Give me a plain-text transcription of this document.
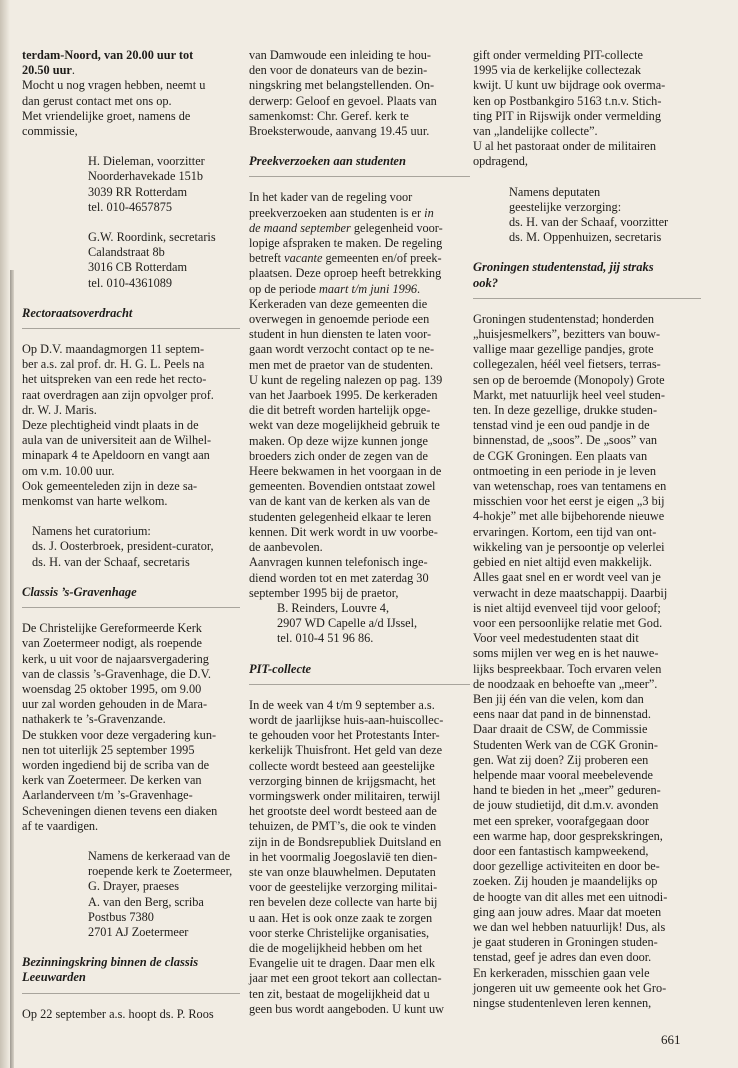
terdam-Noord, van 20.00 uur tot

20.50 uur.

Mocht u nog vragen hebben, neemt u

dan gerust contact met ons op.

Met vriendelijke groet, namens de

commissie,

H. Dieleman, voorzitter

Noorderhavekade 151b

3039 RR Rotterdam

tel. 010-4657875

G.W. Roordink, secretaris

Calandstraat 8b

3016 CB Rotterdam

tel. 010-4361089

Rectoraatsoverdracht

Op D.V. maandagmorgen 11 septem-

ber a.s. zal prof. dr. H. G. L. Peels na

het uitspreken van een rede het recto-

raat overdragen aan zijn opvolger prof.

dr. W. J. Maris.

Deze plechtigheid vindt plaats in de

aula van de universiteit aan de Wilhel-

minapark 4 te Apeldoorn en vangt aan

om v.m. 10.00 uur.

Ook gemeenteleden zijn in deze sa-

menkomst van harte welkom.

Namens het curatorium:

ds. J. Oosterbroek, president-curator,

ds. H. van der Schaaf, secretaris

Classis ’s-Gravenhage

De Christelijke Gereformeerde Kerk

van Zoetermeer nodigt, als roepende

kerk, u uit voor de najaarsvergadering

van de classis ’s-Gravenhage, die D.V.

woensdag 25 oktober 1995, om 9.00

uur zal worden gehouden in de Mara-

nathakerk te ’s-Gravenzande.

De stukken voor deze vergadering kun-

nen tot uiterlijk 25 september 1995

worden ingediend bij de scriba van de

kerk van Zoetermeer. De kerken van

Aarlanderveen t/m ’s-Gravenhage-

Scheveningen dienen tevens een diaken

af te vaardigen.

Namens de kerkeraad van de

roepende kerk te Zoetermeer,

G. Drayer, praeses

A. van den Berg, scriba

Postbus 7380

2701 AJ Zoetermeer

Bezinningskring binnen de classis
Leeuwarden

Op 22 september a.s. hoopt ds. P. Roos

van Damwoude een inleiding te hou-

den voor de donateurs van de bezin-

ningskring met belangstellenden. On-

derwerp: Geloof en gevoel. Plaats van

samenkomst: Chr. Geref. kerk te

Broeksterwoude, aanvang 19.45 uur.

Preekverzoeken aan studenten

In het kader van de regeling voor

preekverzoeken aan studenten is er in

de maand september gelegenheid voor-

lopige afspraken te maken. De regeling

betreft vacante gemeenten en/of preek-

plaatsen. Deze oproep heeft betrekking

op de periode maart t/m juni 1996.

Kerkeraden van deze gemeenten die

overwegen in genoemde periode een

student in hun diensten te laten voor-

gaan wordt verzocht contact op te ne-

men met de praetor van de studenten.

U kunt de regeling nalezen op pag. 139

van het Jaarboek 1995. De kerkeraden

die dit betreft worden hartelijk opge-

wekt van deze mogelijkheid gebruik te

maken. Op deze wijze kunnen jonge

broeders zich onder de zegen van de

Heere bekwamen in het voorgaan in de

gemeenten. Bovendien ontstaat zowel

van de kant van de kerken als van de

studenten gelegenheid elkaar te leren

kennen. Dit werk wordt in uw voorbe-

de aanbevolen.

Aanvragen kunnen telefonisch inge-

diend worden tot en met zaterdag 30

september 1995 bij de praetor,

B. Reinders, Louvre 4,

2907 WD Capelle a/d IJssel,

tel. 010-4 51 96 86.

PIT-collecte

In de week van 4 t/m 9 september a.s.

wordt de jaarlijkse huis-aan-huiscollec-

te gehouden voor het Protestants Inter-

kerkelijk Thuisfront. Het geld van deze

collecte wordt besteed aan geestelijke

verzorging binnen de krijgsmacht, het

vormingswerk onder militairen, terwijl

het grootste deel wordt besteed aan de

tehuizen, de PMT’s, die ook te vinden

zijn in de Bondsrepubliek Duitsland en

in het voormalig Joegoslavië ten dien-

ste van onze blauwhelmen. Deputaten

voor de geestelijke verzorging militai-

ren bevelen deze collecte van harte bij

u aan. Het is ook onze zaak te zorgen

voor sterke Christelijke organisaties,

die de mogelijkheid hebben om het

Evangelie uit te dragen. Daar men elk

jaar met een groot tekort aan collectan-

ten zit, bestaat de mogelijkheid dat u

geen bus wordt aangeboden. U kunt uw

gift onder vermelding PIT-collecte

1995 via de kerkelijke collectezak

kwijt. U kunt uw bijdrage ook overma-

ken op Postbankgiro 5163 t.n.v. Stich-

ting PIT in Rijswijk onder vermelding

van „landelijke collecte”.

U al het pastoraat onder de militairen

opdragend,

Namens deputaten

geestelijke verzorging:

ds. H. van der Schaaf, voorzitter

ds. M. Oppenhuizen, secretaris

Groningen studentenstad, jij straks
ook?

Groningen studentenstad; honderden

„huisjesmelkers”, bezitters van bouw-

vallige maar gezellige pandjes, grote

collegezalen, héél veel fietsers, terras-

sen op de beroemde (Monopoly) Grote

Markt, met natuurlijk heel veel studen-

ten. In deze gezellige, drukke studen-

tenstad vind je een oud pandje in de

binnenstad, de „soos”. De „soos” van

de CGK Groningen. Een plaats van

ontmoeting in een periode in je leven

van wetenschap, roes van tentamens en

misschien voor het eerst je eigen „3 bij

4-hokje” met alle bijbehorende nieuwe

ervaringen. Kortom, een tijd van ont-

wikkeling van je persoontje op velerlei

gebied en niet altijd even makkelijk.

Alles gaat snel en er wordt veel van je

verwacht in deze maatschappij. Daarbij

is niet altijd evenveel tijd voor geloof;

voor een persoonlijke relatie met God.

Voor veel medestudenten staat dit

soms mijlen ver weg en is het nauwe-

lijks bespreekbaar. Toch ervaren velen

de noodzaak en behoefte van „meer”.

Ben jij één van die velen, kom dan

eens naar dat pand in de binnenstad.

Daar draait de CSW, de Commissie

Studenten Werk van de CGK Gronin-

gen. Wat zij doen? Zij proberen een

helpende maar vooral meebelevende

hand te bieden in het „meer” geduren-

de jouw studietijd, dit d.m.v. avonden

met een spreker, voorafgegaan door

een warme hap, door gesprekskringen,

door een fantastisch kampweekend,

door gezellige activiteiten en door be-

zoeken. Zij houden je maandelijks op

de hoogte van dit alles met een uitnodi-

ging aan jouw adres. Maar dat moeten

we dan wel hebben natuurlijk! Dus, als

je gaat studeren in Groningen studen-

tenstad, geef je adres dan even door.

En kerkeraden, misschien gaan vele

jongeren uit uw gemeente ook het Gro-

ningse studentenleven leren kennen,

661
